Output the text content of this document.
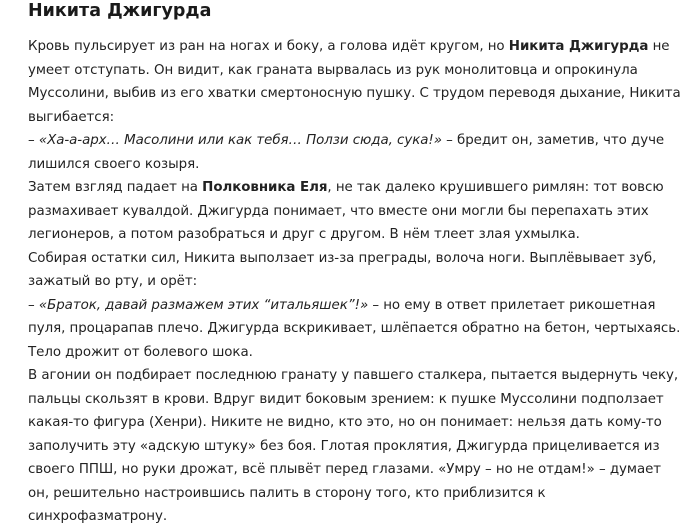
Никита Джигурда

Кровь пульсирует из ран на ногах и боку, а голова идёт кругом, но Никита Джигурда не умеет отступать. Он видит, как граната вырвалась из рук монолитовца и опрокинула Муссолини, выбив из его хватки смертоносную пушку. С трудом переводя дыхание, Никита выгибается:

– «Ха-а-арх… Масолини или как тебя… Ползи сюда, сука!» – бредит он, заметив, что дуче лишился своего козыря.

Затем взгляд падает на Полковника Еля, не так далеко крушившего римлян: тот вовсю размахивает кувалдой. Джигурда понимает, что вместе они могли бы перепахать этих легионеров, а потом разобраться и друг с другом. В нём тлеет злая ухмылка.

Собирая остатки сил, Никита выползает из-за преграды, волоча ноги. Выплёвывает зуб, зажатый во рту, и орёт:

– «Браток, давай размажем этих “итальяшек”!» – но ему в ответ прилетает рикошетная пуля, процарапав плечо. Джигурда вскрикивает, шлёпается обратно на бетон, чертыхаясь. Тело дрожит от болевого шока.

В агонии он подбирает последнюю гранату у павшего сталкера, пытается выдернуть чеку, пальцы скользят в крови. Вдруг видит боковым зрением: к пушке Муссолини подползает какая-то фигура (Хенри). Никите не видно, кто это, но он понимает: нельзя дать кому-то заполучить эту «адскую штуку» без боя. Глотая проклятия, Джигурда прицеливается из своего ППШ, но руки дрожат, всё плывёт перед глазами. «Умру – но не отдам!» – думает он, решительно настроившись палить в сторону того, кто приблизится к синхрофазматрону.
